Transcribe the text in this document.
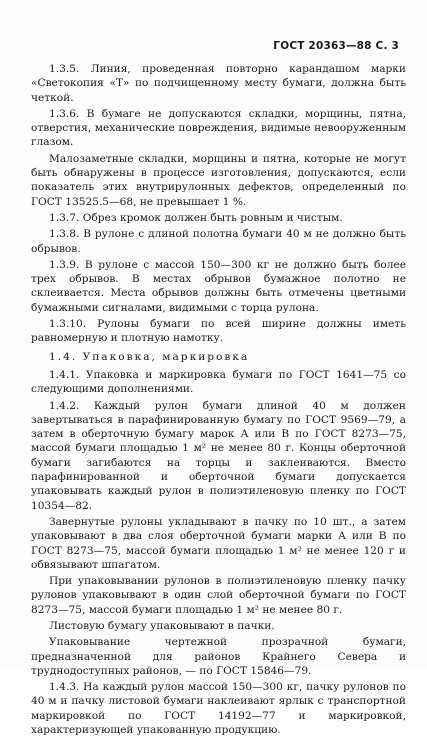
ГОСТ 20363—88 С. 3

1.3.5. Линия, проведенная повторно карандашом марки «Светокопия «Т» по подчищенному месту бумаги, должна быть четкой.

1.3.6. В бумаге не допускаются складки, морщины, пятна, отверстия, механические повреждения, видимые невооруженным глазом.

Малозаметные складки, морщины и пятна, которые не могут быть обнаружены в процессе изготовления, допускаются, если показатель этих внутрирулонных дефектов, определенный по ГОСТ 13525.5—68, не превышает 1 %.

1.3.7. Обрез кромок должен быть ровным и чистым.

1.3.8. В рулоне с длиной полотна бумаги 40 м не должно быть обрывов.

1.3.9. В рулоне с массой 150—300 кг не должно быть более трех обрывов. В местах обрывов бумажное полотно не склеивается. Места обрывов должны быть отмечены цветными бумажными сигналами, видимыми с торца рулона.

1.3.10. Рулоны бумаги по всей ширине должны иметь равномерную и плотную намотку.

1.4. Упаковка, маркировка

1.4.1. Упаковка и маркировка бумаги по ГОСТ 1641—75 со следующими дополнениями.

1.4.2. Каждый рулон бумаги длиной 40 м должен завертываться в парафинированную бумагу по ГОСТ 9569—79, а затем в оберточную бумагу марок А или В по ГОСТ 8273—75, массой бумаги площадью 1 м² не менее 80 г. Концы оберточной бумаги загибаются на торцы и заклеиваются. Вместо парафинированной и оберточной бумаги допускается упаковывать каждый рулон в полиэтиленовую пленку по ГОСТ 10354—82.

Завернутые рулоны укладывают в пачку по 10 шт., а затем упаковывают в два слоя оберточной бумаги марки А или В по ГОСТ 8273—75, массой бумаги площадью 1 м² не менее 120 г и обвязывают шпагатом.

При упаковывании рулонов в полиэтиленовую пленку пачку рулонов упаковывают в один слой оберточной бумаги по ГОСТ 8273—75, массой бумаги площадью 1 м² не менее 80 г.

Листовую бумагу упаковывают в пачки.

Упаковывание чертежной прозрачной бумаги, предназначенной для районов Крайнего Севера и труднодоступных районов, — по ГОСТ 15846—79.

1.4.3. На каждый рулон массой 150—300 кг, пачку рулонов по 40 м и пачку листовой бумаги наклеивают ярлык с транспортной маркировкой по ГОСТ 14192—77 и маркировкой, характеризующей упакованную продукцию.
